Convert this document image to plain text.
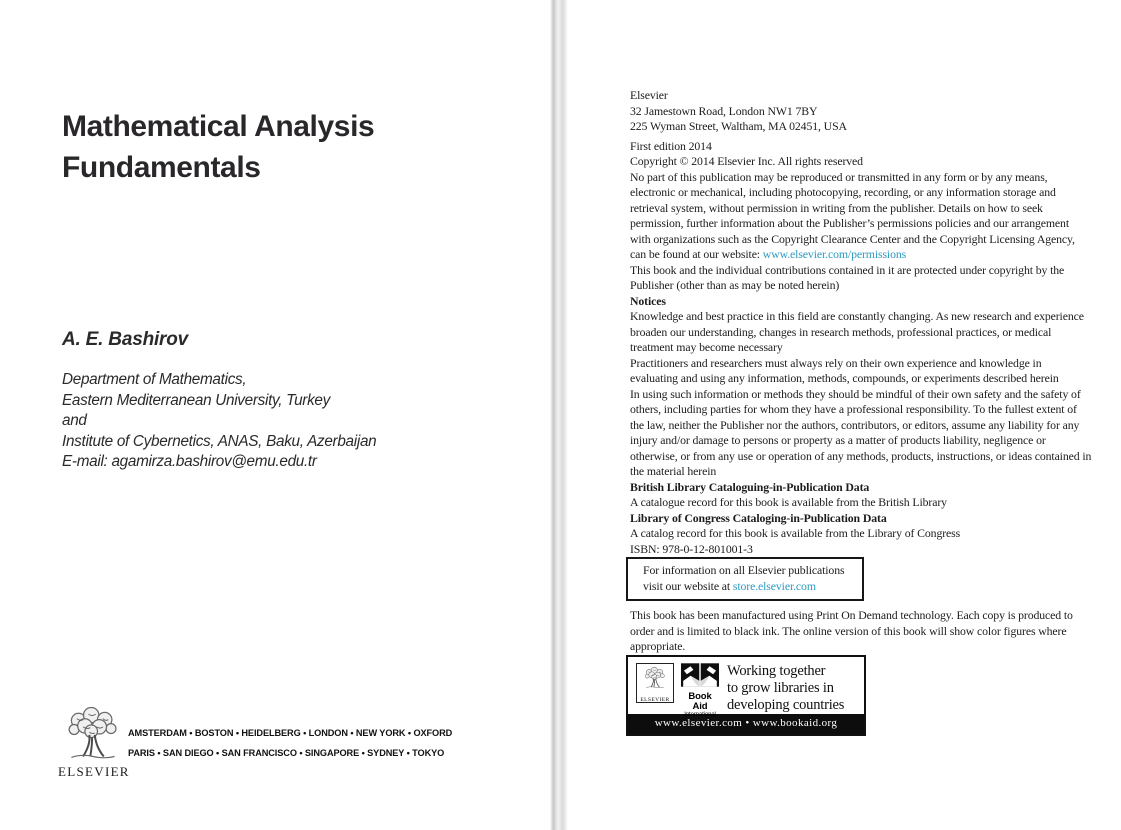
Mathematical Analysis
Fundamentals
A. E. Bashirov
Department of Mathematics,
Eastern Mediterranean University, Turkey
and
Institute of Cybernetics, ANAS, Baku, Azerbaijan
E-mail: agamirza.bashirov@emu.edu.tr
ELSEVIER
AMSTERDAM • BOSTON • HEIDELBERG • LONDON • NEW YORK • OXFORD
PARIS • SAN DIEGO • SAN FRANCISCO • SINGAPORE • SYDNEY • TOKYO
Elsevier
32 Jamestown Road, London NW1 7BY
225 Wyman Street, Waltham, MA 02451, USA

First edition 2014

Copyright © 2014 Elsevier Inc. All rights reserved

No part of this publication may be reproduced or transmitted in any form or by any means, electronic or mechanical, including photocopying, recording, or any information storage and retrieval system, without permission in writing from the publisher. Details on how to seek permission, further information about the Publisher’s permissions policies and our arrangement with organizations such as the Copyright Clearance Center and the Copyright Licensing Agency, can be found at our website: www.elsevier.com/permissions

This book and the individual contributions contained in it are protected under copyright by the Publisher (other than as may be noted herein)

Notices

Knowledge and best practice in this field are constantly changing. As new research and experience broaden our understanding, changes in research methods, professional practices, or medical treatment may become necessary

Practitioners and researchers must always rely on their own experience and knowledge in evaluating and using any information, methods, compounds, or experiments described herein

In using such information or methods they should be mindful of their own safety and the safety of others, including parties for whom they have a professional responsibility. To the fullest extent of the law, neither the Publisher nor the authors, contributors, or editors, assume any liability for any injury and/or damage to persons or property as a matter of products liability, negligence or otherwise, or from any use or operation of any methods, products, instructions, or ideas contained in the material herein

British Library Cataloguing-in-Publication Data

A catalogue record for this book is available from the British Library

Library of Congress Cataloging-in-Publication Data

A catalog record for this book is available from the Library of Congress

ISBN: 978-0-12-801001-3

For information on all Elsevier publications
visit our website at store.elsevier.com

This book has been manufactured using Print On Demand technology. Each copy is produced to order and is limited to black ink. The online version of this book will show color figures where appropriate.

ELSEVIER	Book Aid
Working together
to grow libraries in
developing countries
www.elsevier.com • www.bookaid.org
